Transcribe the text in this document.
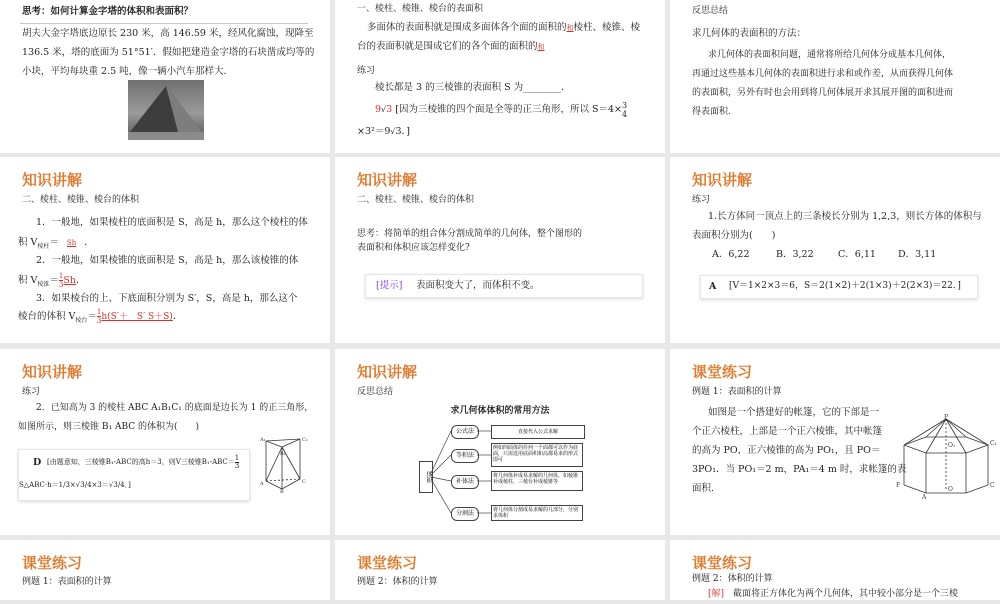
思考：如何计算金字塔的体积和表面积？
胡夫大金字塔底边原长 230 米，高 146.59 米，经风化腐蚀，现降至
136.5 米，塔的底面为 51°51′．假如把建造金字塔的石块凿成均等的
小块，平均每块重 2.5 吨，像一辆小汽车那样大．
一、棱柱、棱锥、棱台的表面积
多面体的表面积就是围成多面体各个面的面积的和棱柱、棱锥、棱
台的表面积就是围成它们的各个面的面积的和
练习
棱长都是 3 的三棱锥的表面积 S 为________．
9√3 [因为三棱锥的四个面是全等的正三角形，所以 S＝4× 3
4
×3²＝9√3．]
反思总结
求几何体的表面积的方法：
求几何体的表面积问题，通常将所给几何体分成基本几何体，
再通过这些基本几何体的表面积进行求和或作差，从而获得几何体
的表面积，另外有时也会用到将几何体展开求其展开图的面积进而
得表面积.
知识讲解
二、棱柱、棱锥、棱台的体积
1．一般地，如果棱柱的底面积是 S，高是 h，那么这个棱柱的体
积 $V_{棱柱}= Sh$ ．
2．一般地，如果棱锥的底面积是 S，高是 h，那么该棱锥的体
积 $V_{棱锥}= \frac{1}{3}$ Sh．
3．如果棱台的上、下底面积分别为 S′，S，高是 h，那么这个
棱台的体积 $V_{棱台}= \frac{1}{3} h(S'+$　S′ S＋S)．
知识讲解
二、棱柱、棱锥、棱台的体积
思考：将简单的组合体分割成简单的几何体，整个图形的
表面积和体积应该怎样变化?
[提示] 表面积变大了，而体积不变。
知识讲解
练习
1.长方体同一顶点上的三条棱长分别为 1,2,3，则长方体的体积与
表面积分别为(　　)
A．6,22	B．3,22	C．6,11 D．3,11
A [V＝1×2×3＝6，S＝2(1×2)＋2(1×3)＋2(2×3)＝22．]
知识讲解
练习
2．已知高为 3 的棱柱 ABC A₁B₁C₁ 的底面是边长为 1 的正三角形，
如图所示，则三棱锥 B₁ ABC 的体积为(　　)
D [由题意知，三棱锥B₁-ABC的高h＝3，则V三棱锥$B_1-ABC= \frac{1}{3}$
S△ABC·h＝1/3×√3/4×3＝√3/4．]
A₁	C₁
B₁
A	C
B
知识讲解
反思总结
求几何体体积的常用方法
体积
公式法
等积法
补体法
分割法
直接代入公式求解
例如四面体的任何一个面都可以作为底面，只需选用底面积和高都易求的形式即可
将几何体补成易求解的几何体，如棱锥补成棱柱，三棱台补成棱锥等
将几何体分割成易求解的几部分，分别求体积
课堂练习
例题 1：表面积的计算
如图是一个搭建好的帐篷，它的下部是一
个正六棱柱，上部是一个正六棱锥，其中帐篷
的高为 PO，正六棱锥的高为 PO₁，且 PO＝
3PO₁．当 PO₁＝2 m，PA₁＝4 m 时，求帐篷的表
面积.
P
O₁
O
C₁
F
A
C
课堂练习
例题 1：表面积的计算
课堂练习
例题 2：体积的计算
课堂练习
例题 2：体积的计算
[解]　 截面将正方体化为两个几何体，其中较小部分是一个三棱
